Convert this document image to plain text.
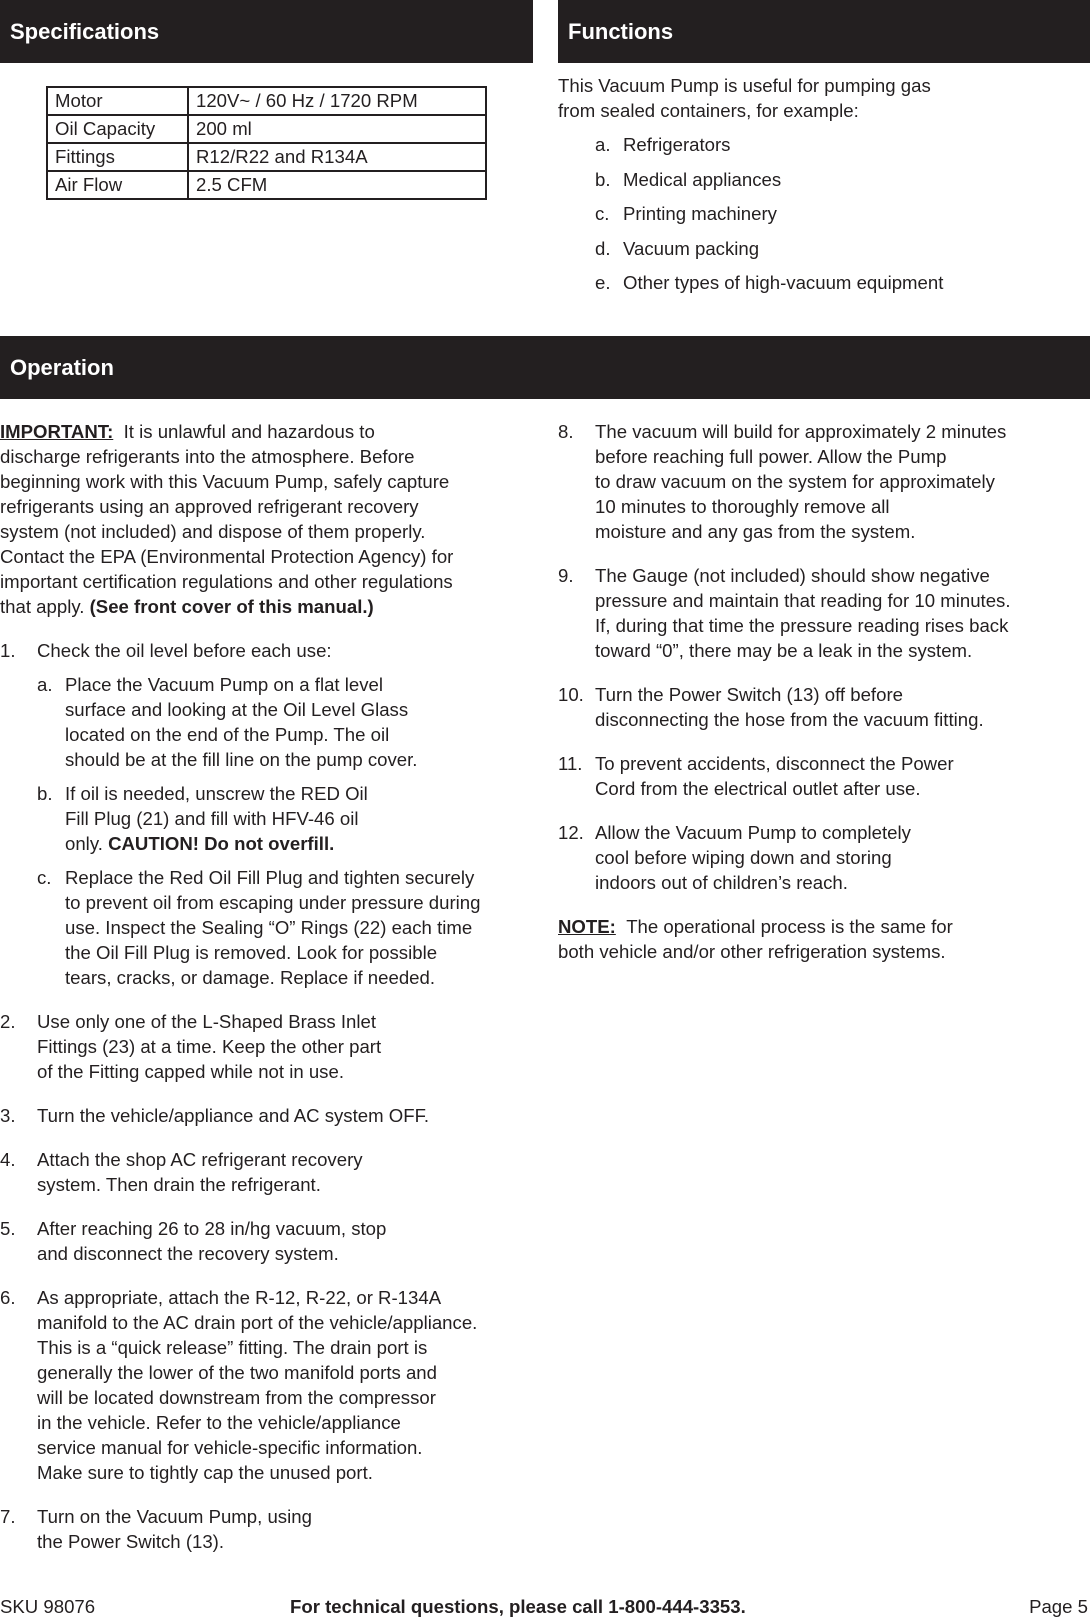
Specifications	Functions
Operation
Motor	120V~ / 60 Hz / 1720 RPM
Oil Capacity	200 ml
Fittings	R12/R22 and R134A
Air Flow	2.5 CFM

This Vacuum Pump is useful for pumping gas

from sealed containers, for example:

a. Refrigerators
b. Medical appliances
c. Printing machinery
d. Vacuum packing
e. Other types of high-vacuum equipment

IMPORTANT: It is unlawful and hazardous to

discharge refrigerants into the atmosphere. Before

beginning work with this Vacuum Pump, safely capture

refrigerants using an approved refrigerant recovery

system (not included) and dispose of them properly.

Contact the EPA (Environmental Protection Agency) for

important certification regulations and other regulations

that apply. (See front cover of this manual.)

1.	Check the oil level before each use:

a. Place the Vacuum Pump on a flat level

surface and looking at the Oil Level Glass

located on the end of the Pump. The oil

should be at the fill line on the pump cover.

b. If oil is needed, unscrew the RED Oil

Fill Plug (21) and fill with HFV-46 oil

only. CAUTION! Do not overfill.

c. Replace the Red Oil Fill Plug and tighten securely

to prevent oil from escaping under pressure during

use. Inspect the Sealing “O” Rings (22) each time

the Oil Fill Plug is removed. Look for possible

tears, cracks, or damage. Replace if needed.

2.	Use only one of the L-Shaped Brass Inlet

Fittings (23) at a time. Keep the other part

of the Fitting capped while not in use.

3.	Turn the vehicle/appliance and AC system OFF.

4.	Attach the shop AC refrigerant recovery

system. Then drain the refrigerant.

5.	After reaching 26 to 28 in/hg vacuum, stop

and disconnect the recovery system.

6.	As appropriate, attach the R-12, R-22, or R-134A

manifold to the AC drain port of the vehicle/appliance.

This is a “quick release” fitting. The drain port is

generally the lower of the two manifold ports and

will be located downstream from the compressor

in the vehicle. Refer to the vehicle/appliance

service manual for vehicle-specific information.

Make sure to tightly cap the unused port.

7.	Turn on the Vacuum Pump, using

the Power Switch (13).

8.	The vacuum will build for approximately 2 minutes

before reaching full power. Allow the Pump

to draw vacuum on the system for approximately

10 minutes to thoroughly remove all

moisture and any gas from the system.

9.	The Gauge (not included) should show negative

pressure and maintain that reading for 10 minutes.

If, during that time the pressure reading rises back

toward “0”, there may be a leak in the system.

10. Turn the Power Switch (13) off before

disconnecting the hose from the vacuum fitting.

11. To prevent accidents, disconnect the Power

Cord from the electrical outlet after use.

12. Allow the Vacuum Pump to completely

cool before wiping down and storing

indoors out of children’s reach.

NOTE: The operational process is the same for

both vehicle and/or other refrigeration systems.

SKU 98076	For technical questions, please call 1-800-444-3353.	Page 5
